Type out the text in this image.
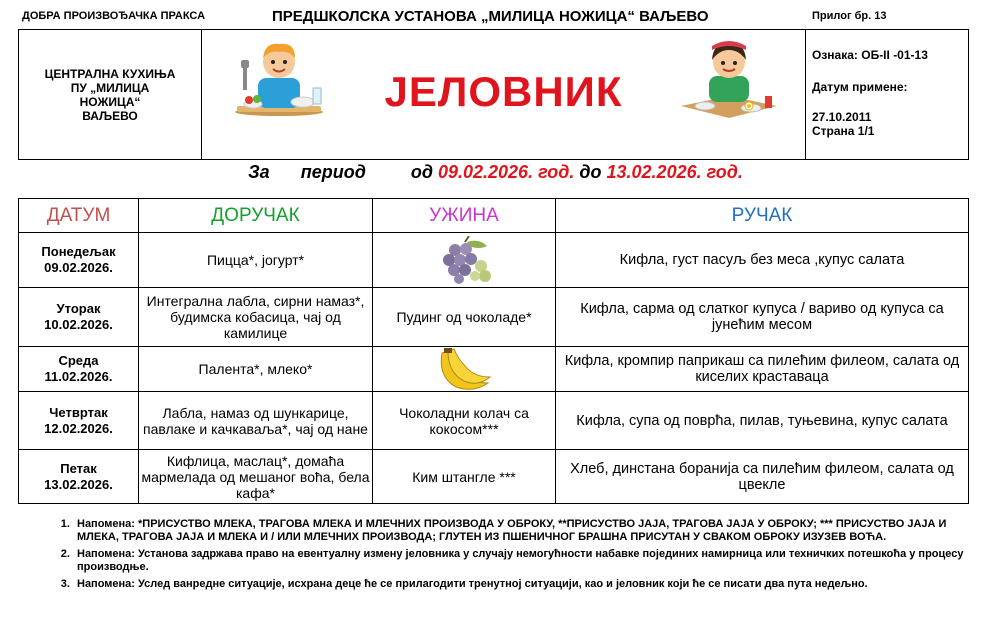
ДОБРА ПРОИЗВОЂАЧКА ПРАКСА	ПРЕДШКОЛСКА УСТАНОВА „МИЛИЦА НОЖИЦА“ ВАЉЕВО	Прилог бр. 13
ЦЕНТРАЛНА КУХИЊА
ПУ „МИЛИЦА
НОЖИЦА“
ВАЉЕВО

ЈЕЛОВНИК

Ознака: ОБ-II -01-13
Датум примене:
27.10.2011
Страна 1/1
За период	од 09.02.2026. год. до 13.02.2026. год.
ДАТУМ	ДОРУЧАК	УЖИНА	РУЧАК

Понедељак
09.02.2026.	Пицца*, јогурт*		Кифла, густ пасуљ без меса ,купус салата

Уторак
10.02.2026.	Интегрална лабла, сирни намаз*, будимска кобасица, чај од камилице	Пудинг од чоколаде*	Кифла, сарма од слатког купуса / вариво од купуса са јунећим месом

Среда
11.02.2026.	Палента*, млеко*		Кифла, кромпир паприкаш са пилећим филеом, салата од киселих краставаца

Четвртак
12.02.2026.	Лабла, намаз од шункарице, павлаке и качкаваља*, чај од нане	Чоколадни колач са кокосом***	Кифла, супа од поврћа, пилав, туњевина, купус салата

Петак
13.02.2026.	Кифлица, маслац*, домаћа мармелада од мешаног воћа, бела кафа*	Ким штангле ***	Хлеб, динстана боранија са пилећим филеом, салата од цвекле
1. Напомена: *ПРИСУСТВО МЛЕКА, ТРАГОВА МЛЕКА И МЛЕЧНИХ ПРОИЗВОДА У ОБРОКУ, **ПРИСУСТВО ЈАЈА, ТРАГОВА ЈАЈА У ОБРОКУ; *** ПРИСУСТВО ЈАЈА И МЛЕКА, ТРАГОВА ЈАЈА И МЛЕКА И / ИЛИ МЛЕЧНИХ ПРОИЗВОДА; ГЛУТЕН ИЗ ПШЕНИЧНОГ БРАШНА ПРИСУТАН У СВАКОМ ОБРОКУ ИЗУЗЕВ ВОЋА.
2. Напомена: Установа задржава право на евентуалну измену јеловника у случају немогућности набавке појединих намирница или техничких потешкоћа у процесу производње.
3. Напомена: Услед ванредне ситуације, исхрана деце ће се прилагодити тренутној ситуацији, као и јеловник који ће се писати два пута недељно.
